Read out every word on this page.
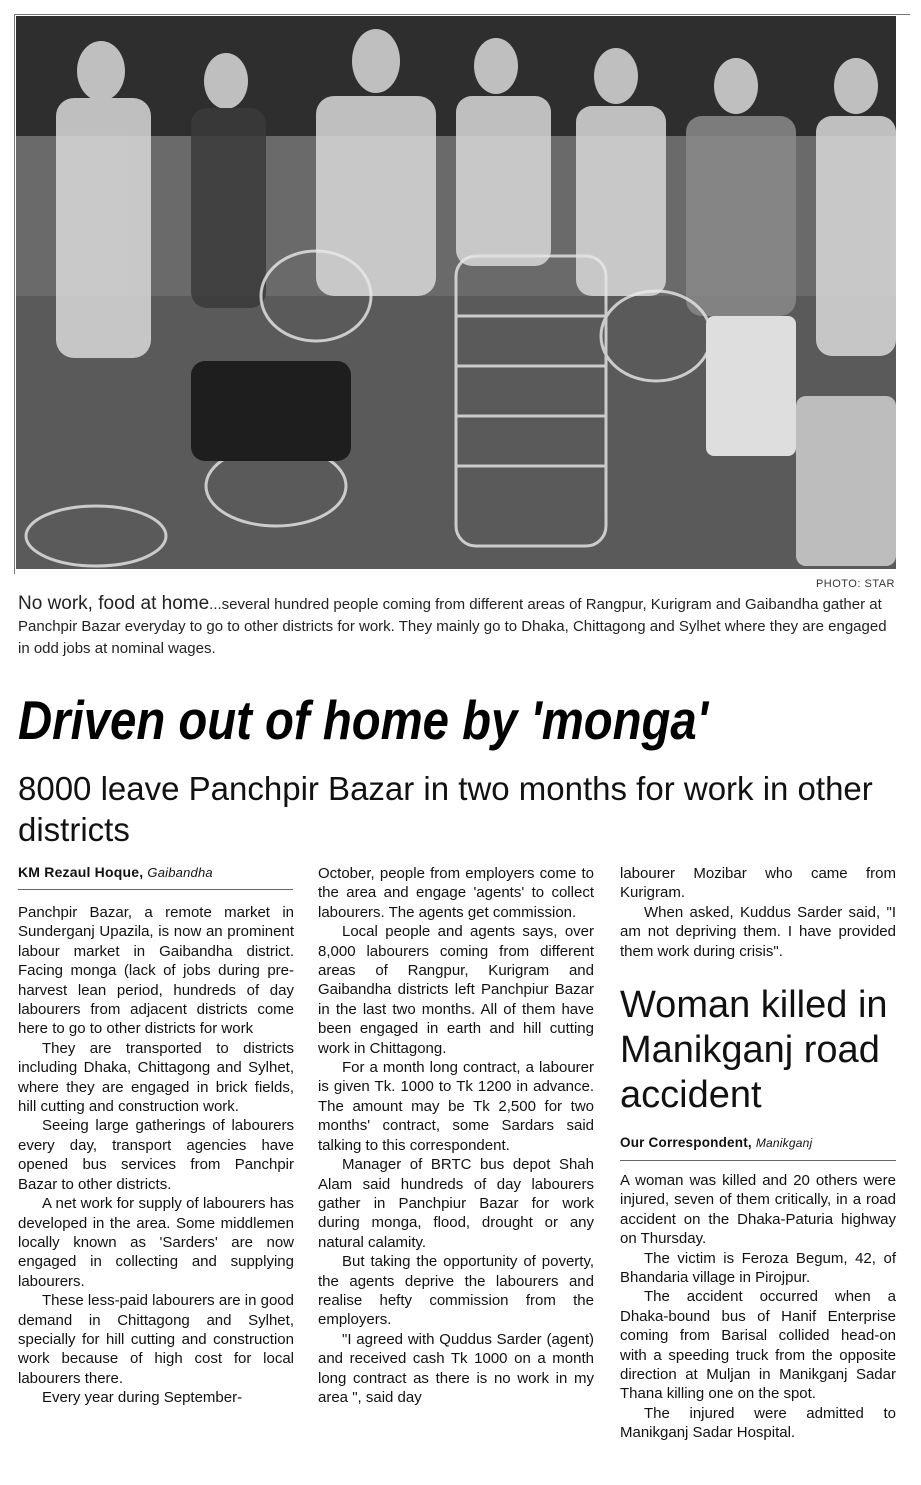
PHOTO: STAR
No work, food at home...several hundred people coming from different areas of Rangpur, Kurigram and Gaibandha gather at Panchpir Bazar everyday to go to other districts for work. They mainly go to Dhaka, Chittagong and Sylhet where they are engaged in odd jobs at nominal wages.
Driven out of home by 'monga'
8000 leave Panchpir Bazar in two months for work in other districts
KM Rezaul Hoque, Gaibandha

Panchpir Bazar, a remote market in Sunderganj Upazila, is now an prominent labour market in Gaibandha district. Facing monga (lack of jobs during pre-harvest lean period, hundreds of day labourers from adjacent districts come here to go to other districts for work

They are transported to districts including Dhaka, Chittagong and Sylhet, where they are engaged in brick fields, hill cutting and construction work.

Seeing large gatherings of labourers every day, transport agencies have opened bus services from Panchpir Bazar to other districts.

A net work for supply of labourers has developed in the area. Some middlemen locally known as 'Sarders' are now engaged in collecting and supplying labourers.

These less-paid labourers are in good demand in Chittagong and Sylhet, specially for hill cutting and construction work because of high cost for local labourers there.

Every year during September-

October, people from employers come to the area and engage 'agents' to collect labourers. The agents get commission.

Local people and agents says, over 8,000 labourers coming from different areas of Rangpur, Kurigram and Gaibandha districts left Panchpiur Bazar in the last two months. All of them have been engaged in earth and hill cutting work in Chittagong.

For a month long contract, a labourer is given Tk. 1000 to Tk 1200 in advance. The amount may be Tk 2,500 for two months' contract, some Sardars said talking to this correspondent.

Manager of BRTC bus depot Shah Alam said hundreds of day labourers gather in Panchpiur Bazar for work during monga, flood, drought or any natural calamity.

But taking the opportunity of poverty, the agents deprive the labourers and realise hefty commission from the employers.

"I agreed with Quddus Sarder (agent) and received cash Tk 1000 on a month long contract as there is no work in my area ", said day

labourer Mozibar who came from Kurigram.

When asked, Kuddus Sarder said, "I am not depriving them. I have provided them work during crisis".

Woman killed in Manikganj road accident
Our Correspondent, Manikganj

A woman was killed and 20 others were injured, seven of them critically, in a road accident on the Dhaka-Paturia highway on Thursday.

The victim is Feroza Begum, 42, of Bhandaria village in Pirojpur.

The accident occurred when a Dhaka-bound bus of Hanif Enterprise coming from Barisal collided head-on with a speeding truck from the opposite direction at Muljan in Manikganj Sadar Thana killing one on the spot.

The injured were admitted to Manikganj Sadar Hospital.
